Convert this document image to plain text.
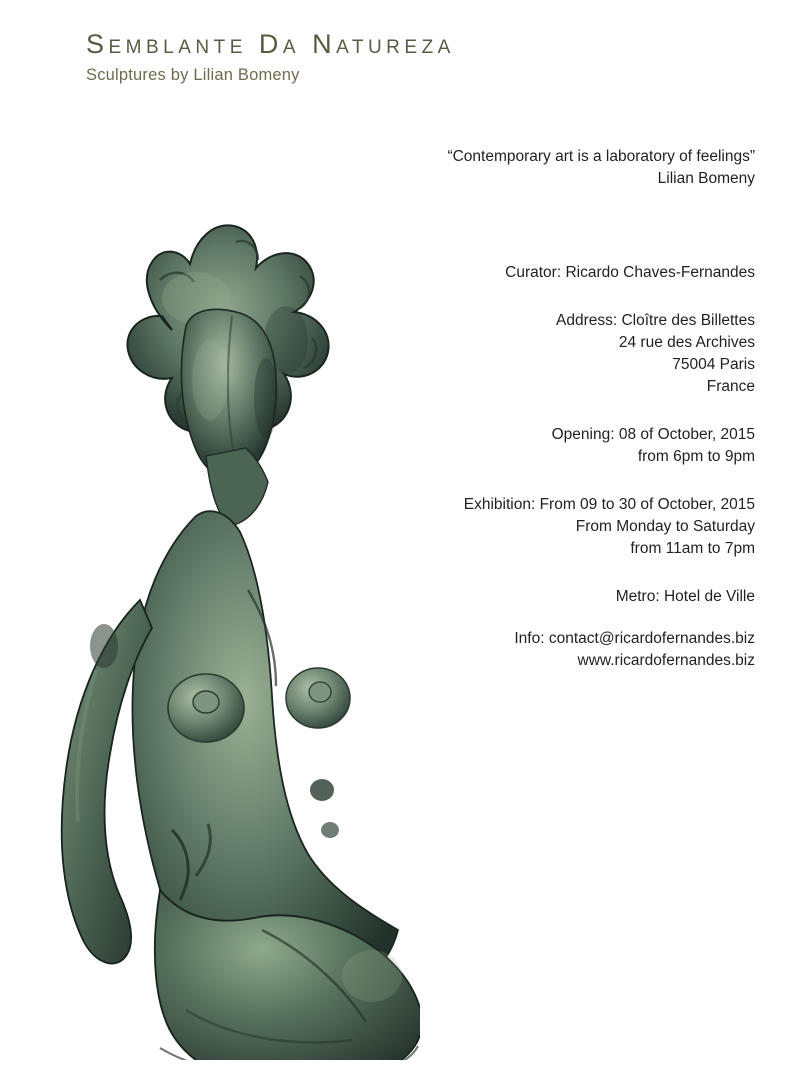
Semblante Da Natureza
Sculptures by Lilian Bomeny
“Contemporary art is a laboratory of feelings”
Lilian Bomeny
Curator: Ricardo Chaves-Fernandes
Address: Cloître des Billettes
24 rue des Archives
75004 Paris
France
Opening: 08 of October, 2015
from 6pm to 9pm
Exhibition: From 09 to 30 of October, 2015
From Monday to Saturday
from 11am to 7pm
Metro: Hotel de Ville
Info: contact@ricardofernandes.biz
www.ricardofernandes.biz
